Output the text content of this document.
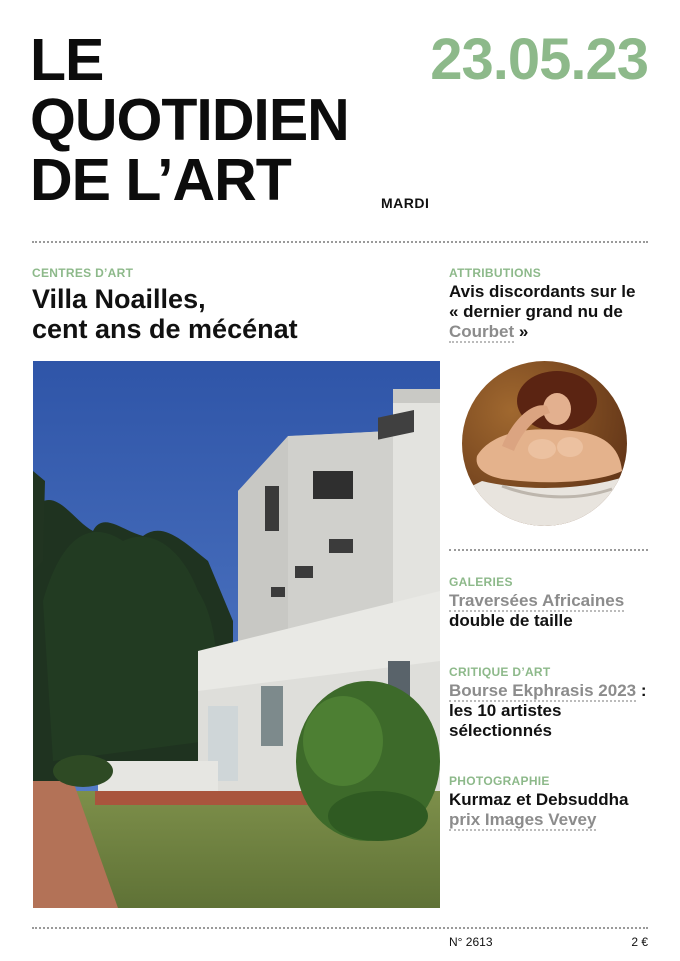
LE
QUOTIDIEN
DE L’ART
23.05.23
MARDI
CENTRES D’ART
Villa Noailles,
cent ans de mécénat
ATTRIBUTIONS
Avis discordants sur le « dernier grand nu de Courbet »
GALERIES
Traversées Africaines double de taille
CRITIQUE D’ART
Bourse Ekphrasis 2023 : les 10 artistes sélectionnés
PHOTOGRAPHIE
Kurmaz et Debsuddha prix Images Vevey
N° 2613	2 €
